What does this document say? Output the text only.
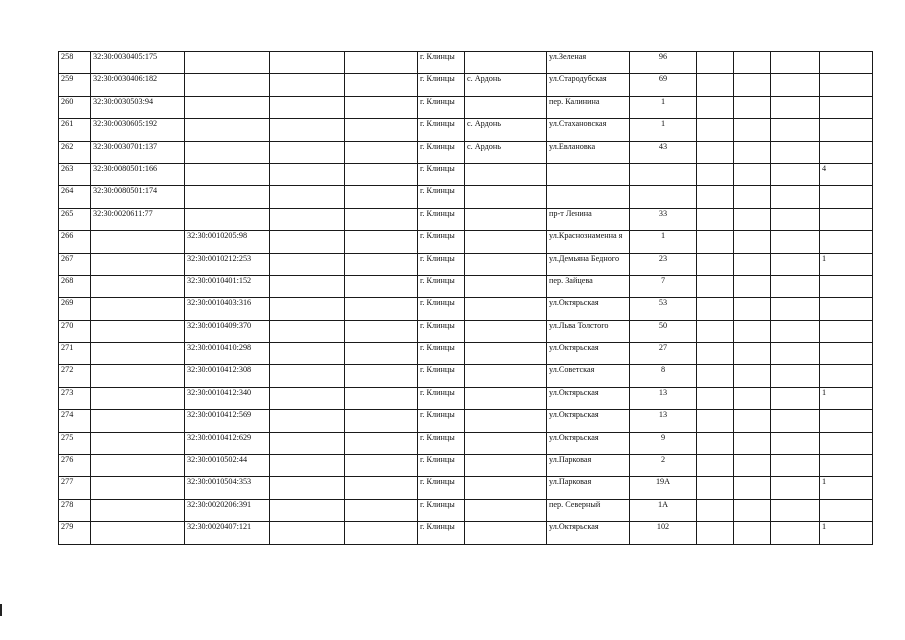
258	32:30:0030405:175				г. Клинцы		ул.Зеленая	96				
259	32:30:0030406:182				г. Клинцы	с. Ардонь	ул.Стародубская	69				
260	32:30:0030503:94				г. Клинцы		пер. Калинина	1				
261	32:30:0030605:192				г. Клинцы	с. Ардонь	ул.Стахановская	1				
262	32:30:0030701:137				г. Клинцы	с. Ардонь	ул.Евлановка	43				
263	32:30:0080501:166				г. Клинцы							4
264	32:30:0080501:174				г. Клинцы							
265	32:30:0020611:77				г. Клинцы		пр-т Ленина	33				
266		32:30:0010205:98			г. Клинцы		ул.Краснознаменна я	1				
267		32:30:0010212:253			г. Клинцы		ул.Демьяна Бедного	23				1
268		32:30:0010401:152			г. Клинцы		пер. Зайцева	7				
269		32:30:0010403:316			г. Клинцы		ул.Октярьская	53				
270		32:30:0010409:370			г. Клинцы		ул.Льва Толстого	50				
271		32:30:0010410:298			г. Клинцы		ул.Октярьская	27				
272		32:30:0010412:308			г. Клинцы		ул.Советская	8				
273		32:30:0010412:340			г. Клинцы		ул.Октярьская	13				1
274		32:30:0010412:569			г. Клинцы		ул.Октярьская	13				
275		32:30:0010412:629			г. Клинцы		ул.Октярьская	9				
276		32:30:0010502:44			г. Клинцы		ул.Парковая	2				
277		32:30:0010504:353			г. Клинцы		ул.Парковая	19А				1
278		32:30:0020206:391			г. Клинцы		пер. Северный	1А				
279		32:30:0020407:121			г. Клинцы		ул.Октярьская	102				1
